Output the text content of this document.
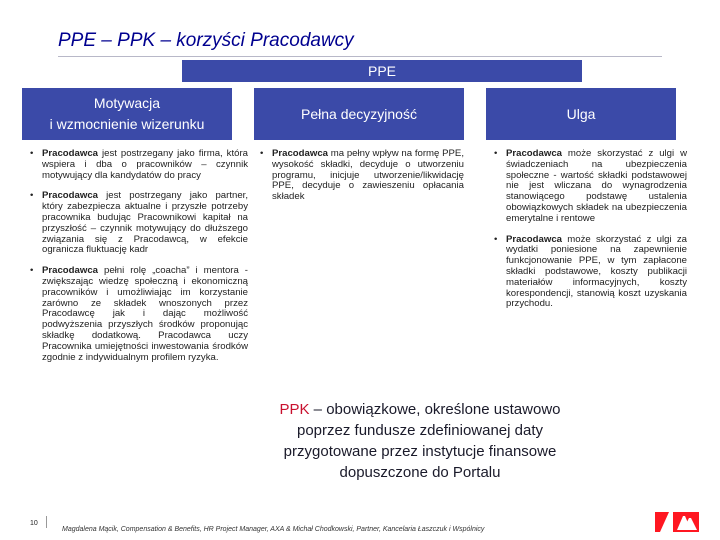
PPE – PPK – korzyści Pracodawcy
PPE
Motywacja
i wzmocnienie wizerunku
Pełna decyzyjność	Ulga
• Pracodawca jest postrzegany jako firma, która wspiera i dba o pracowników – czynnik motywujący dla kandydatów do pracy
• Pracodawca jest postrzegany jako partner, który zabezpiecza aktualne i przyszłe potrzeby pracownika budując Pracownikowi kapitał na przyszłość – czynnik motywujący do dłuższego związania się z Pracodawcą, w efekcie ogranicza fluktuację kadr
• Pracodawca pełni rolę „coacha” i mentora - zwiększając wiedzę społeczną i ekonomiczną pracowników i umożliwiając im korzystanie zarówno ze składek wnoszonych przez Pracodawcę jak i dając możliwość podwyższenia przyszłych środków proponując składkę dodatkową. Pracodawca uczy Pracownika umiejętności inwestowania środków zgodnie z indywidualnym profilem ryzyka.
• Pracodawca ma pełny wpływ na formę PPE, wysokość składki, decyduje o utworzeniu programu, inicjuje utworzenie/likwidację PPE, decyduje o zawieszeniu opłacania składek
• Pracodawca może skorzystać z ulgi w świadczeniach na ubezpieczenia społeczne - wartość składki podstawowej nie jest wliczana do wynagrodzenia stanowiącego podstawę ustalenia obowiązkowych składek na ubezpieczenia emerytalne i rentowe
• Pracodawca może skorzystać z ulgi za wydatki poniesione na zapewnienie funkcjonowanie PPE, w tym zapłacone składki podstawowe, koszty publikacji materiałów informacyjnych, koszty korespondencji, stanowią koszt uzyskania przychodu.
PPK – obowiązkowe, określone ustawowo poprzez fundusze zdefiniowanej daty przygotowane przez instytucje finansowe dopuszczone do Portalu
10
Magdalena Mącik, Compensation & Benefits, HR Project Manager, AXA & Michał Chodkowski, Partner, Kancelaria Łaszczuk i Wspólnicy
